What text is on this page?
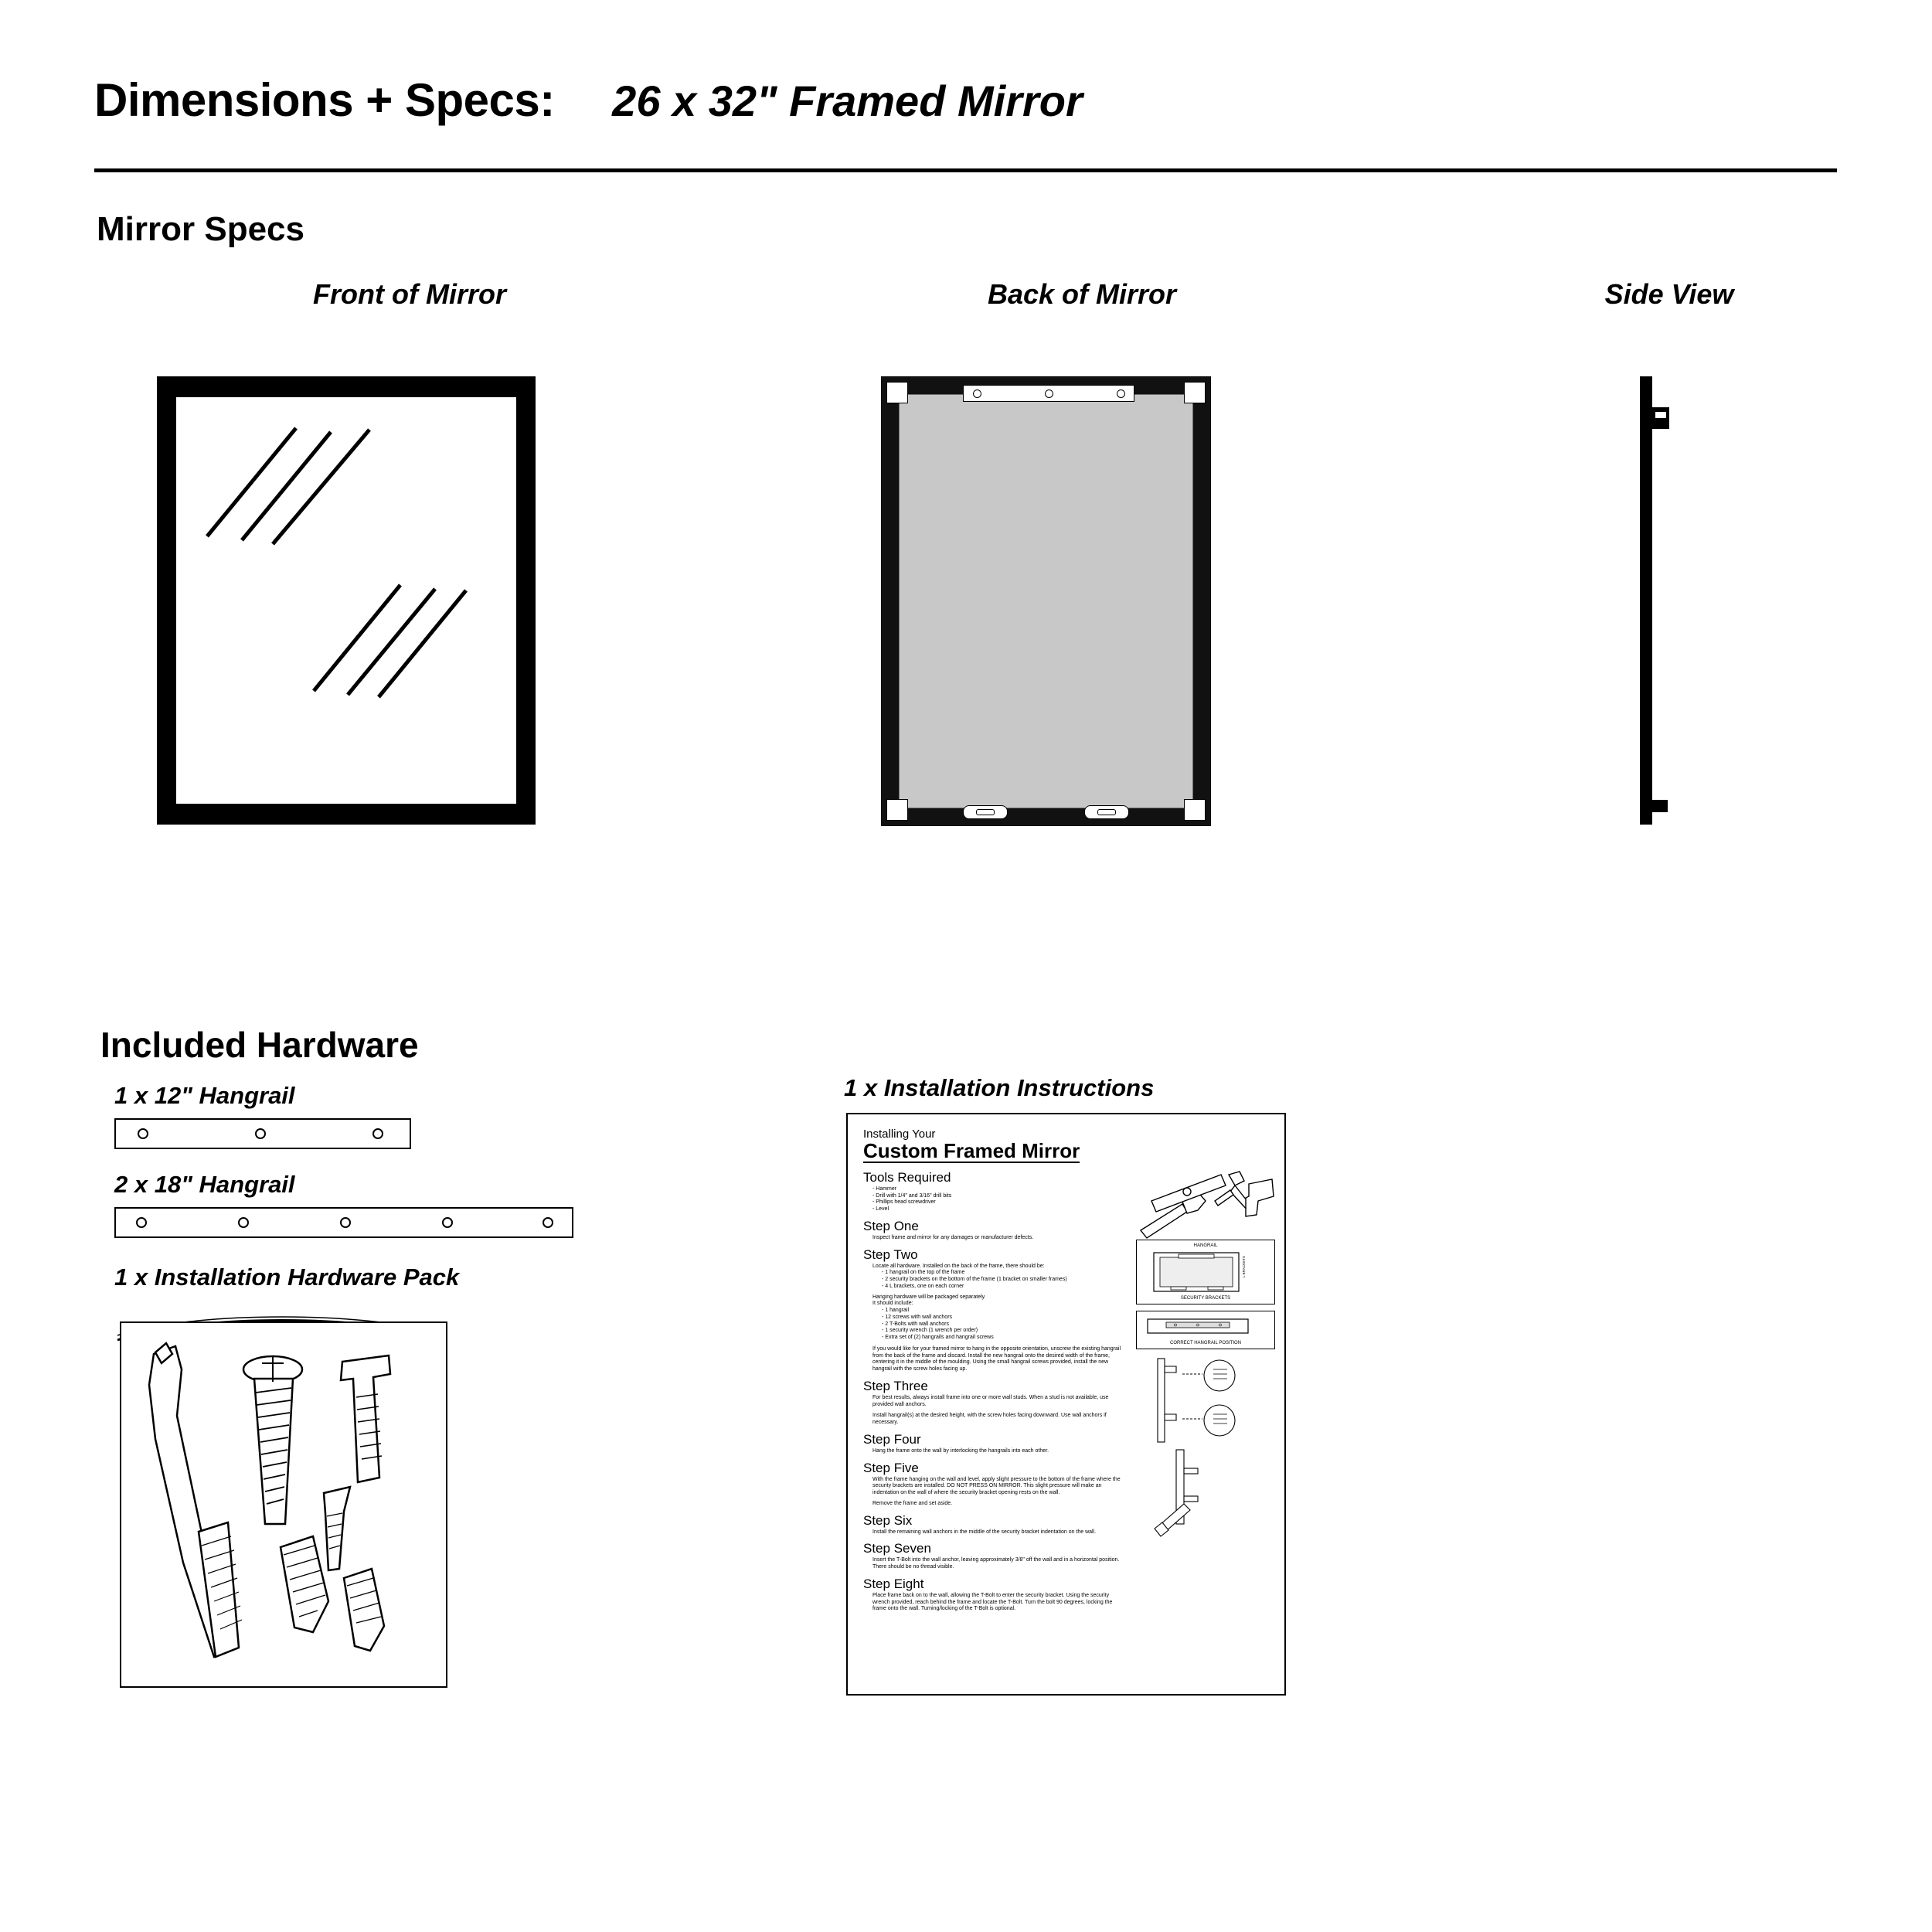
Dimensions + Specs: 26 x 32" Framed Mirror
Mirror Specs
Front of Mirror	Back of Mirror	Side View
Included Hardware
1 x 12" Hangrail
2 x 18" Hangrail
1 x Installation Hardware Pack
1 x Installation Instructions
Installing Your
Custom Framed Mirror
Tools Required
- Hammer
- Drill with 1/4" and 3/16" drill bits
- Phillips head screwdriver
- Level
Step One
Inspect frame and mirror for any damages or manufacturer defects.
Step Two
Locate all hardware. Installed on the back of the frame, there should be:
- 1 hangrail on the top of the frame
- 2 security brackets on the bottom of the frame (1 bracket on smaller frames)
- 4 L brackets, one on each corner
Hanging hardware will be packaged separately.
It should include:
- 1 hangrail
- 12 screws with wall anchors
- 2 T-Bolts with wall anchors
- 1 security wrench (1 wrench per order)
- Extra set of (2) hangrails and hangrail screws
If you would like for your framed mirror to hang in the opposite orientation, unscrew the existing hangrail from the back of the frame and discard. Install the new hangrail onto the desired width of the frame, centering it in the middle of the moulding. Using the small hangrail screws provided, install the new hangrail with the screw holes facing up.
Step Three
For best results, always install frame into one or more wall studs. When a stud is not available, use provided wall anchors.
Install hangrail(s) at the desired height, with the screw holes facing downward. Use wall anchors if necessary.
Step Four
Hang the frame onto the wall by interlocking the hangrails into each other.
Step Five
With the frame hanging on the wall and level, apply slight pressure to the bottom of the frame where the security brackets are installed. DO NOT PRESS ON MIRROR. This slight pressure will make an indentation on the wall of where the security bracket opening rests on the wall.
Remove the frame and set aside.
Step Six
Install the remaining wall anchors in the middle of the security bracket indentation on the wall.
Step Seven
Insert the T-Bolt into the wall anchor, leaving approximately 3/8" off the wall and in a horizontal position. There should be no thread visible.
Step Eight
Place frame back on to the wall, allowing the T-Bolt to enter the security bracket. Using the security wrench provided, reach behind the frame and locate the T-Bolt. Turn the bolt 90 degrees, locking the frame onto the wall. Turning/locking of the T-Bolt is optional.
HANGRAIL
L BRACKETS
SECURITY BRACKETS
CORRECT HANGRAIL POSITION
